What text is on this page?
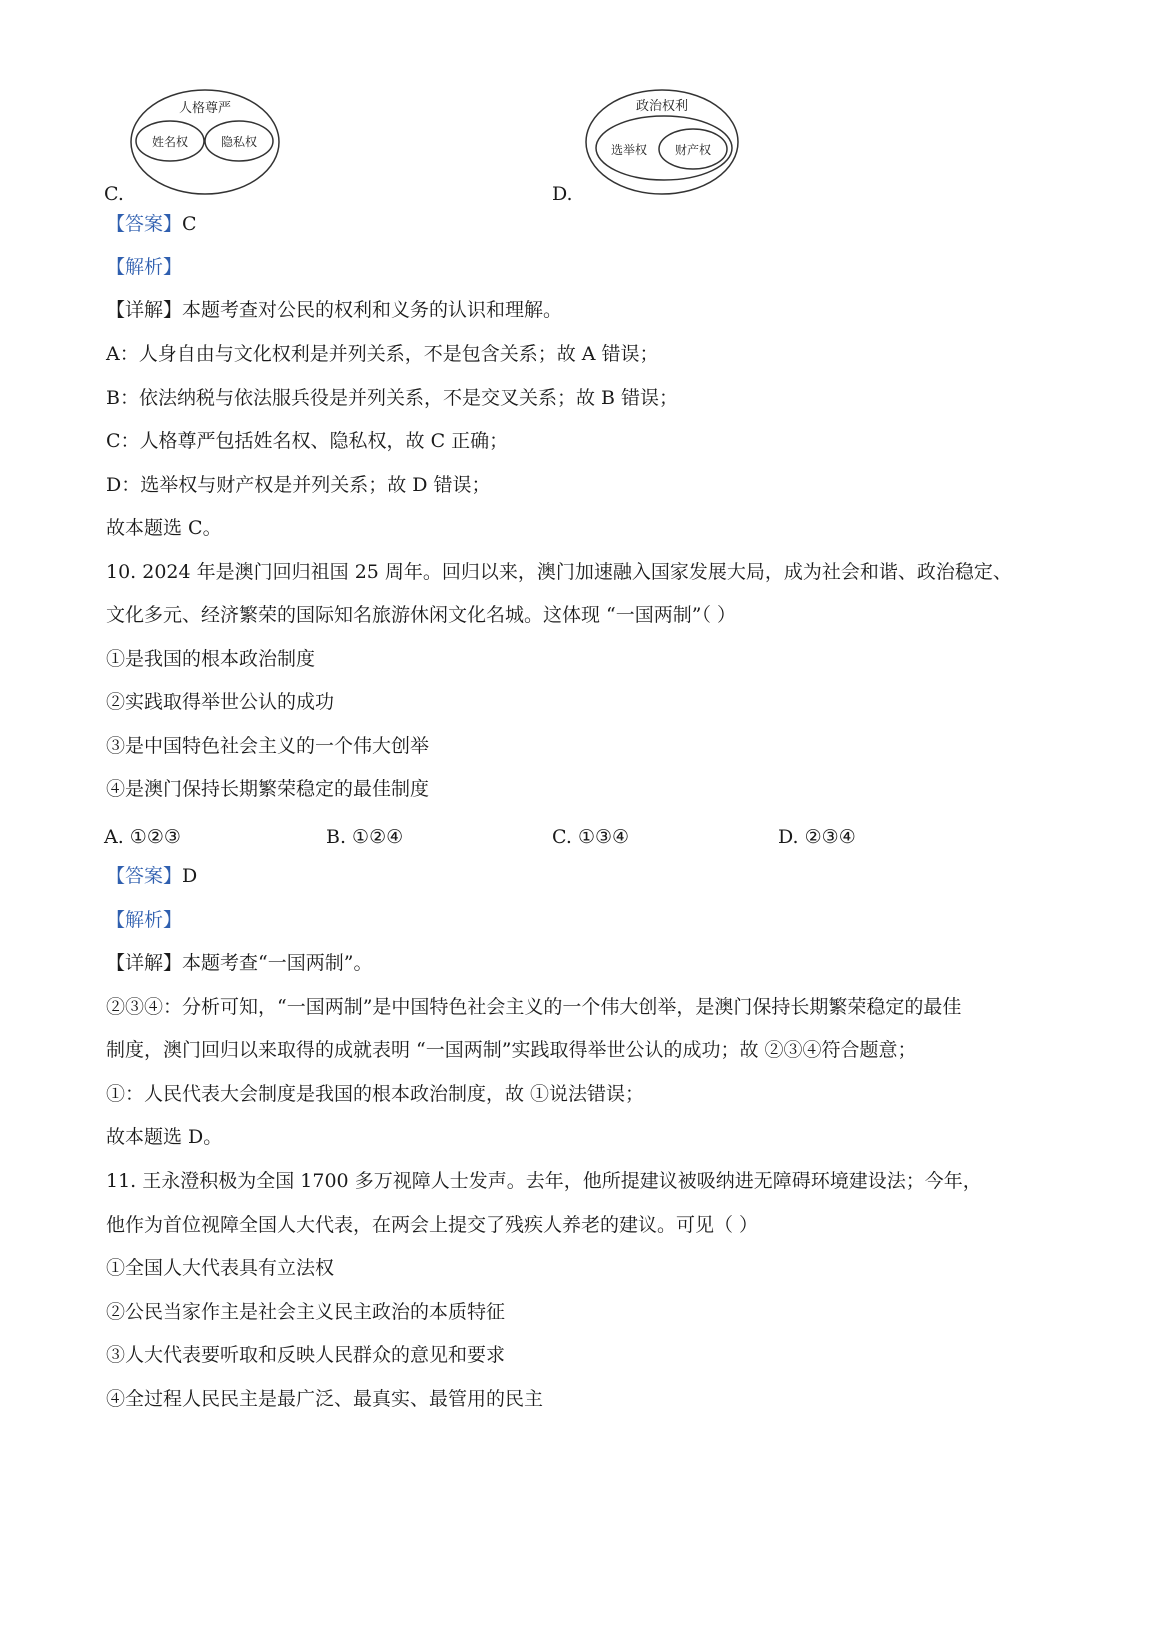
人格尊严
姓名权	隐私权
C.
政治权利
选举权 财产权
D.
【答案】C
【解析】
【详解】本题考查对公民的权利和义务的认识和理解。
A：人身自由与文化权利是并列关系，不是包含关系；故 A 错误；
B：依法纳税与依法服兵役是并列关系，不是交叉关系；故 B 错误；
C：人格尊严包括姓名权、隐私权，故 C 正确；
D：选举权与财产权是并列关系；故 D 错误；
故本题选 C。
10. 2024 年是澳门回归祖国 25 周年。回归以来，澳门加速融入国家发展大局，成为社会和谐、政治稳定、
文化多元、经济繁荣的国际知名旅游休闲文化名城。这体现 “一国两制”（ ）
①是我国的根本政治制度
②实践取得举世公认的成功
③是中国特色社会主义的一个伟大创举
④是澳门保持长期繁荣稳定的最佳制度
A. ①②③	B. ①②④	C. ①③④	D. ②③④
【答案】D
【解析】
【详解】本题考查“一国两制”。
②③④：分析可知，“一国两制”是中国特色社会主义的一个伟大创举，是澳门保持长期繁荣稳定的最佳
制度，澳门回归以来取得的成就表明 “一国两制”实践取得举世公认的成功；故 ②③④符合题意；
①：人民代表大会制度是我国的根本政治制度，故 ①说法错误；
故本题选 D。
11. 王永澄积极为全国 1700 多万视障人士发声。去年，他所提建议被吸纳进无障碍环境建设法；今年，
他作为首位视障全国人大代表，在两会上提交了残疾人养老的建议。可见（ ）
①全国人大代表具有立法权
②公民当家作主是社会主义民主政治的本质特征
③人大代表要听取和反映人民群众的意见和要求
④全过程人民民主是最广泛、最真实、最管用的民主
